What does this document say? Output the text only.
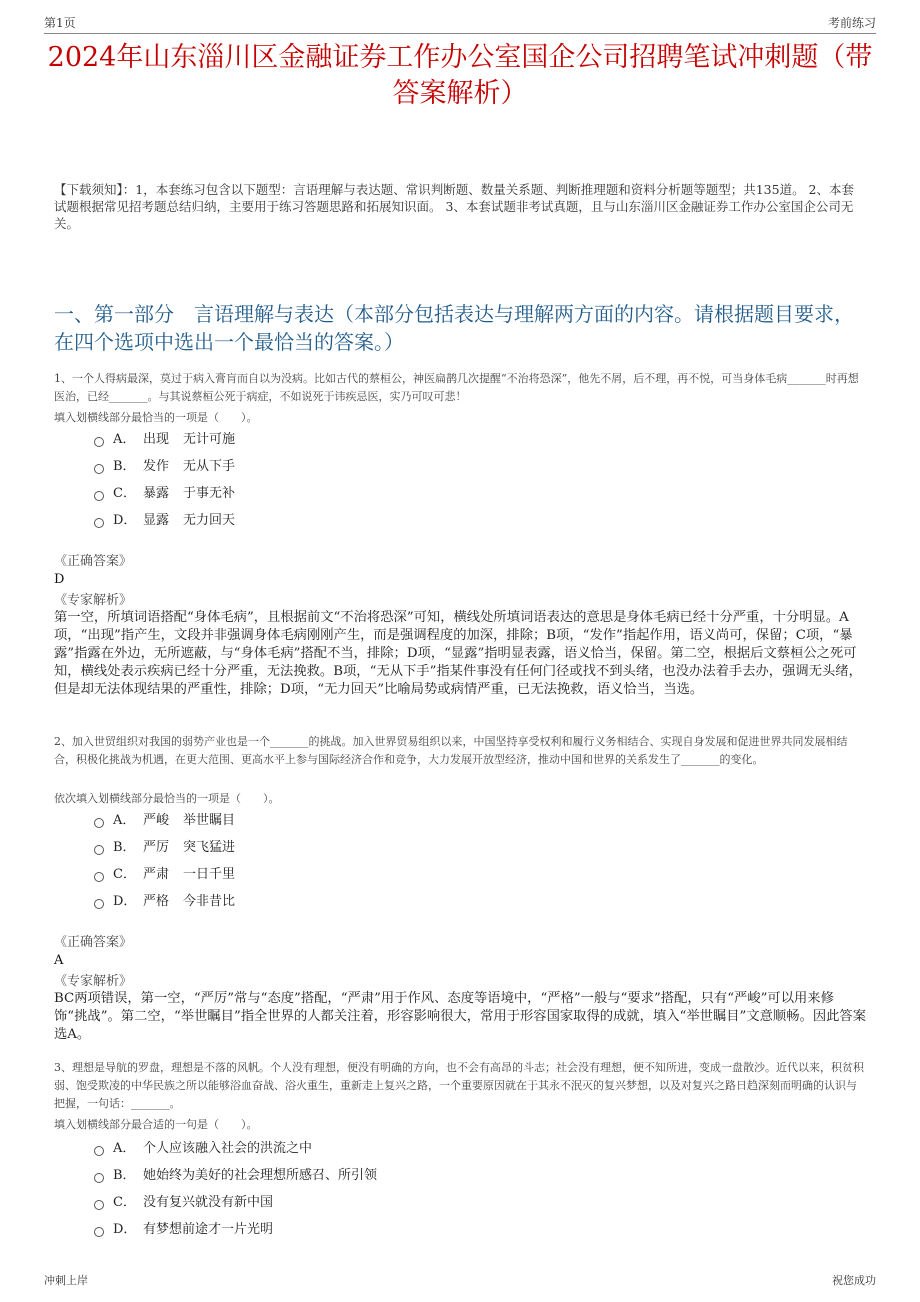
第1页	考前练习
2024年山东淄川区金融证券工作办公室国企公司招聘笔试冲刺题（带答案解析）
【下载须知】：1，本套练习包含以下题型：言语理解与表达题、常识判断题、数量关系题、判断推理题和资料分析题等题型；共135道。 2、本套试题根据常见招考题总结归纳，主要用于练习答题思路和拓展知识面。 3、本套试题非考试真题，且与山东淄川区金融证券工作办公室国企公司无关。
一、第一部分　言语理解与表达（本部分包括表达与理解两方面的内容。请根据题目要求，在四个选项中选出一个最恰当的答案。）
1、一个人得病最深，莫过于病入膏肓而自以为没病。比如古代的蔡桓公，神医扁鹊几次提醒“不治将恐深”，他先不屑，后不理，再不悦，可当身体毛病_______时再想医治，已经_______。与其说蔡桓公死于病症，不如说死于讳疾忌医，实乃可叹可悲！
填入划横线部分最恰当的一项是（　　）。
A． 出现 无计可施
B． 发作 无从下手
C． 暴露 于事无补
D． 显露 无力回天
《正确答案》
D
《专家解析》
第一空，所填词语搭配“身体毛病”，且根据前文“不治将恐深”可知，横线处所填词语表达的意思是身体毛病已经十分严重，十分明显。A项，“出现”指产生，文段并非强调身体毛病刚刚产生，而是强调程度的加深，排除；B项，“发作”指起作用，语义尚可，保留；C项，“暴露”指露在外边，无所遮蔽，与“身体毛病”搭配不当，排除；D项，“显露”指明显表露，语义恰当，保留。第二空，根据后文蔡桓公之死可知，横线处表示疾病已经十分严重，无法挽救。B项，“无从下手”指某件事没有任何门径或找不到头绪，也没办法着手去办，强调无头绪，但是却无法体现结果的严重性，排除；D项，“无力回天”比喻局势或病情严重，已无法挽救，语义恰当，当选。
2、加入世贸组织对我国的弱势产业也是一个_______的挑战。加入世界贸易组织以来，中国坚持享受权利和履行义务相结合、实现自身发展和促进世界共同发展相结合，积极化挑战为机遇，在更大范围、更高水平上参与国际经济合作和竞争，大力发展开放型经济，推动中国和世界的关系发生了_______的变化。
依次填入划横线部分最恰当的一项是（　　）。
A． 严峻 举世瞩目
B． 严厉 突飞猛进
C． 严肃 一日千里
D． 严格 今非昔比
《正确答案》
A
《专家解析》
BC两项错误，第一空，“严厉”常与“态度”搭配，“严肃”用于作风、态度等语境中，“严格”一般与“要求”搭配，只有“严峻”可以用来修饰“挑战”。第二空，“举世瞩目”指全世界的人都关注着，形容影响很大，常用于形容国家取得的成就，填入“举世瞩目”文意顺畅。因此答案选A。
3、理想是导航的罗盘，理想是不落的风帆。个人没有理想，便没有明确的方向，也不会有高昂的斗志；社会没有理想，便不知所进，变成一盘散沙。近代以来，积贫积弱、饱受欺凌的中华民族之所以能够浴血奋战、浴火重生，重新走上复兴之路，一个重要原因就在于其永不泯灭的复兴梦想，以及对复兴之路日趋深刻而明确的认识与把握，一句话：_______。
填入划横线部分最合适的一句是（　　）。
A． 个人应该融入社会的洪流之中
B． 她始终为美好的社会理想所感召、所引领
C． 没有复兴就没有新中国
D． 有梦想前途才一片光明
冲刺上岸	祝您成功
